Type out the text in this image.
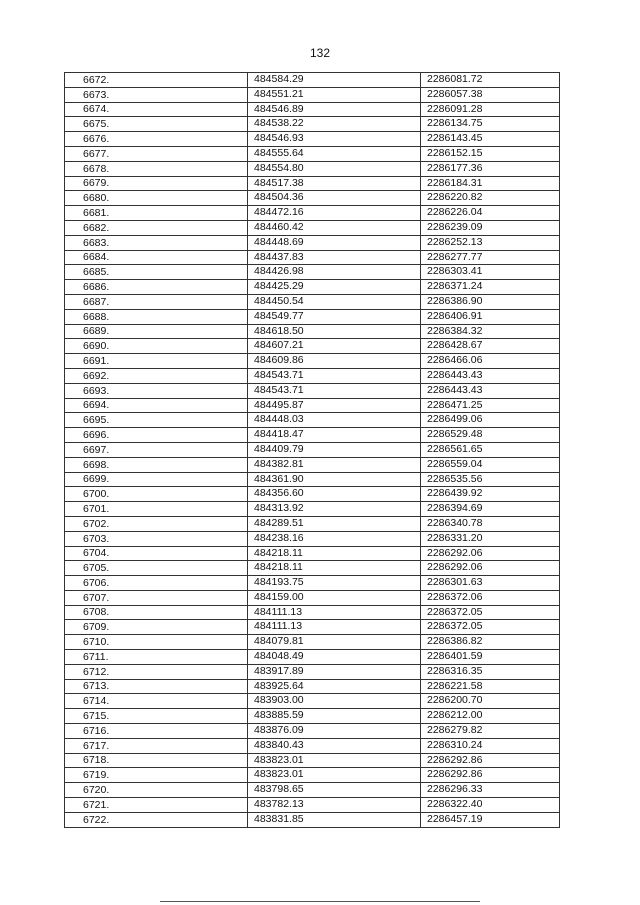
132
6672.	484584.29	2286081.72
6673.	484551.21	2286057.38
6674.	484546.89	2286091.28
6675.	484538.22	2286134.75
6676.	484546.93	2286143.45
6677.	484555.64	2286152.15
6678.	484554.80	2286177.36
6679.	484517.38	2286184.31
6680.	484504.36	2286220.82
6681.	484472.16	2286226.04
6682.	484460.42	2286239.09
6683.	484448.69	2286252.13
6684.	484437.83	2286277.77
6685.	484426.98	2286303.41
6686.	484425.29	2286371.24
6687.	484450.54	2286386.90
6688.	484549.77	2286406.91
6689.	484618.50	2286384.32
6690.	484607.21	2286428.67
6691.	484609.86	2286466.06
6692.	484543.71	2286443.43
6693.	484543.71	2286443.43
6694.	484495.87	2286471.25
6695.	484448.03	2286499.06
6696.	484418.47	2286529.48
6697.	484409.79	2286561.65
6698.	484382.81	2286559.04
6699.	484361.90	2286535.56
6700.	484356.60	2286439.92
6701.	484313.92	2286394.69
6702.	484289.51	2286340.78
6703.	484238.16	2286331.20
6704.	484218.11	2286292.06
6705.	484218.11	2286292.06
6706.	484193.75	2286301.63
6707.	484159.00	2286372.06
6708.	484111.13	2286372.05
6709.	484111.13	2286372.05
6710.	484079.81	2286386.82
6711.	484048.49	2286401.59
6712.	483917.89	2286316.35
6713.	483925.64	2286221.58
6714.	483903.00	2286200.70
6715.	483885.59	2286212.00
6716.	483876.09	2286279.82
6717.	483840.43	2286310.24
6718.	483823.01	2286292.86
6719.	483823.01	2286292.86
6720.	483798.65	2286296.33
6721.	483782.13	2286322.40
6722.	483831.85	2286457.19
